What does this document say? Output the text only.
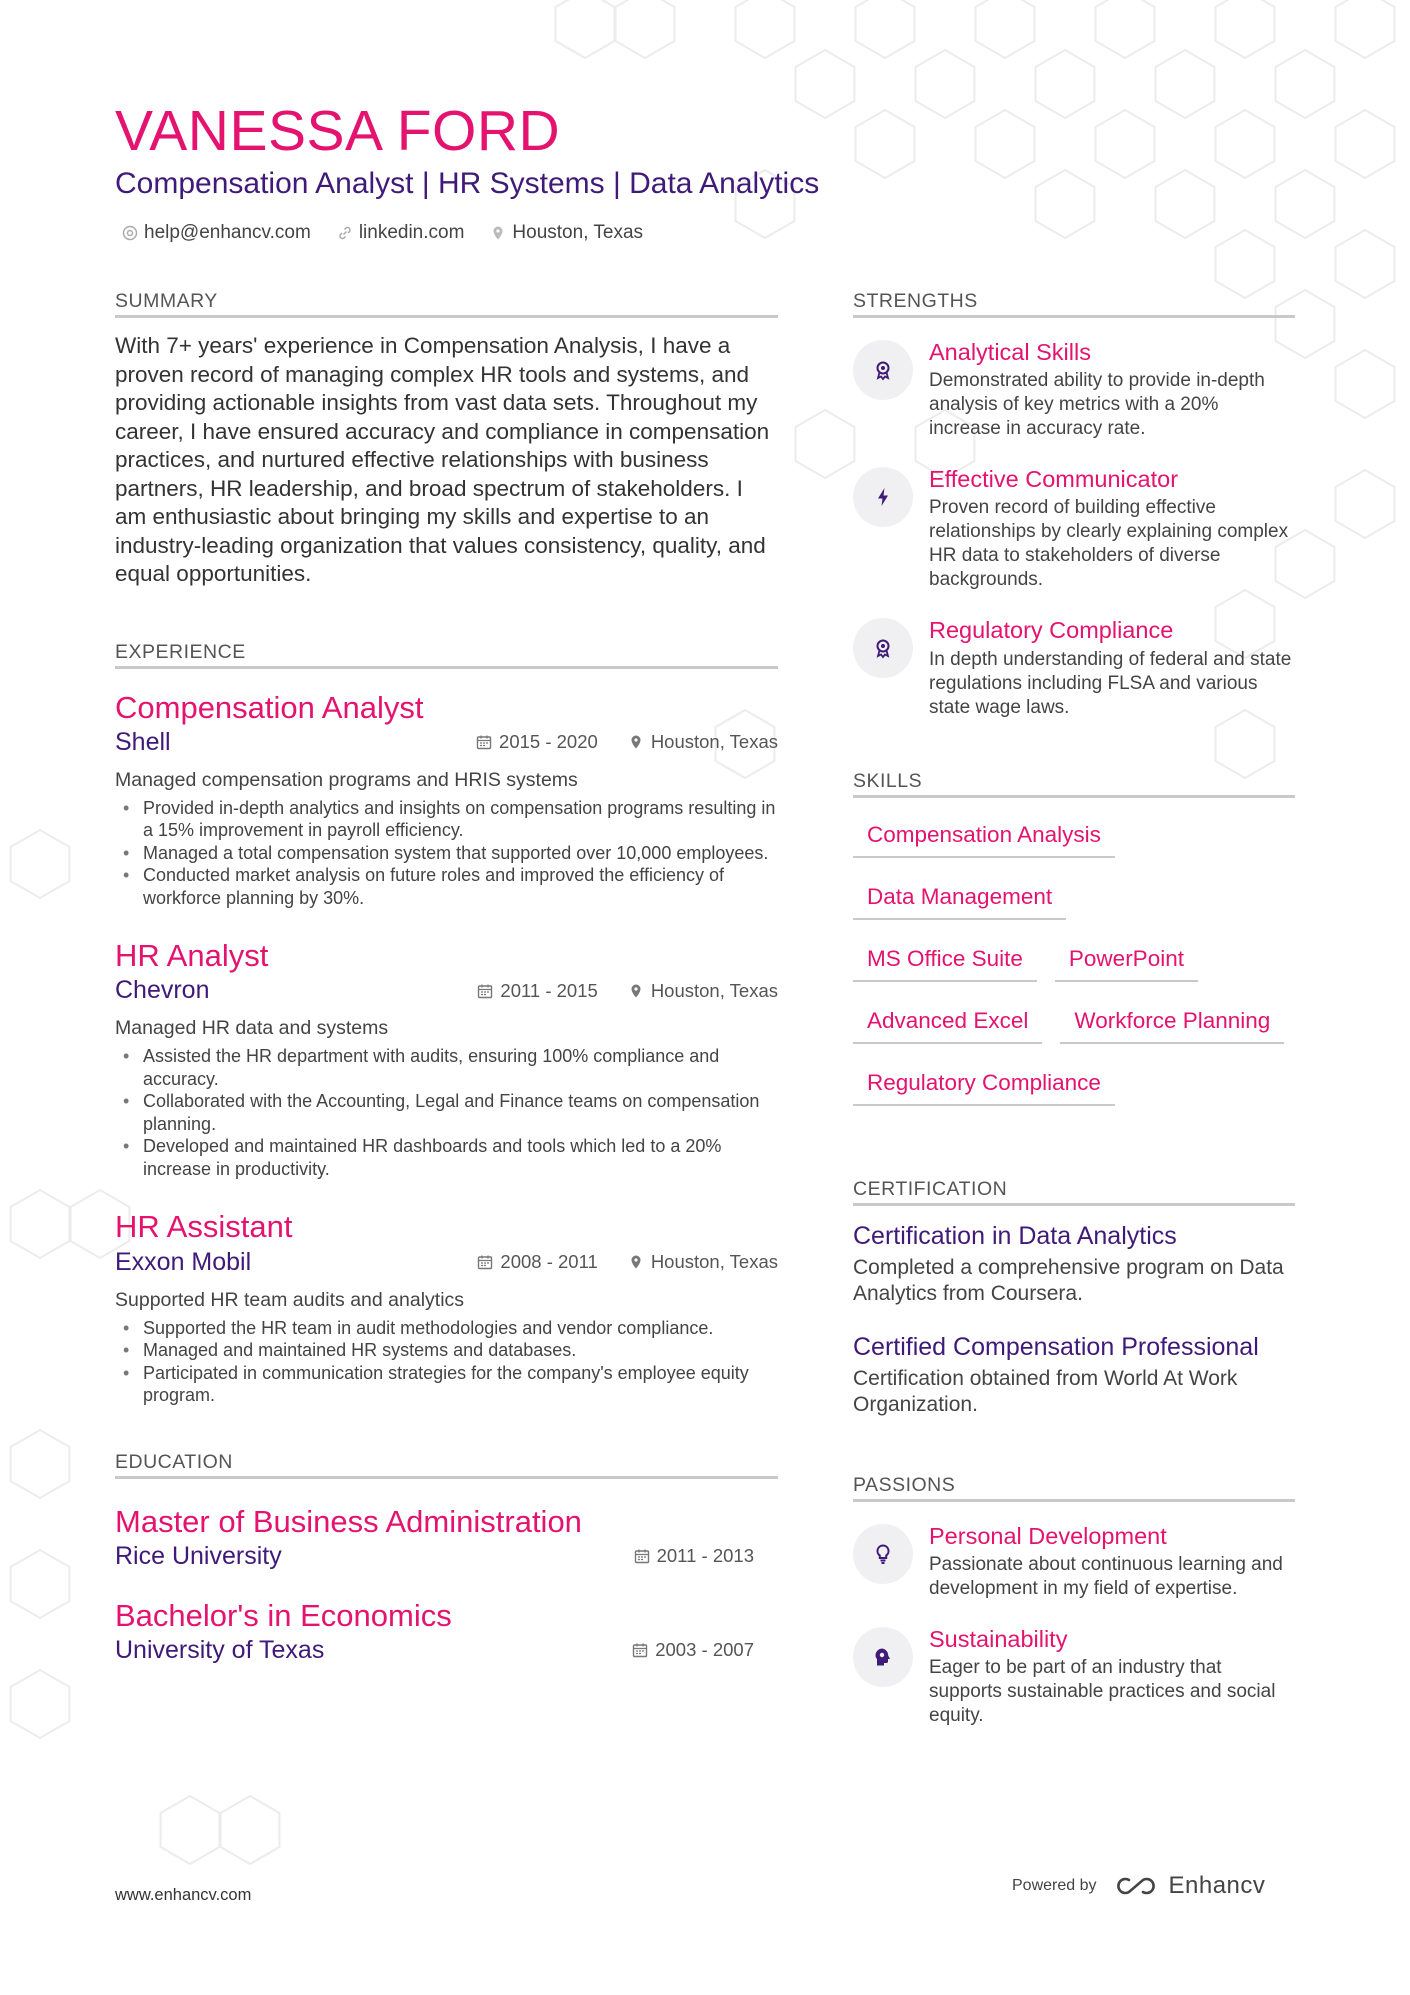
VANESSA FORD
Compensation Analyst | HR Systems | Data Analytics
help@enhancv.com	linkedin.com	Houston, Texas
SUMMARY

With 7+ years' experience in Compensation Analysis, I have a proven record of managing complex HR tools and systems, and providing actionable insights from vast data sets. Throughout my career, I have ensured accuracy and compliance in compensation practices, and nurtured effective relationships with business partners, HR leadership, and broad spectrum of stakeholders. I am enthusiastic about bringing my skills and expertise to an industry-leading organization that values consistency, quality, and equal opportunities.

EXPERIENCE
Compensation Analyst
Shell	2015 - 2020	Houston, Texas
Managed compensation programs and HRIS systems
• Provided in-depth analytics and insights on compensation programs resulting in a 15% improvement in payroll efficiency.
• Managed a total compensation system that supported over 10,000 employees.
• Conducted market analysis on future roles and improved the efficiency of workforce planning by 30%.
HR Analyst
Chevron	2011 - 2015	Houston, Texas
Managed HR data and systems
• Assisted the HR department with audits, ensuring 100% compliance and accuracy.
• Collaborated with the Accounting, Legal and Finance teams on compensation planning.
• Developed and maintained HR dashboards and tools which led to a 20% increase in productivity.
HR Assistant
Exxon Mobil	2008 - 2011	Houston, Texas
Supported HR team audits and analytics
• Supported the HR team in audit methodologies and vendor compliance.
• Managed and maintained HR systems and databases.
• Participated in communication strategies for the company's employee equity program.
EDUCATION
Master of Business Administration
Rice University	2011 - 2013
Bachelor's in Economics
University of Texas	2003 - 2007
STRENGTHS
Analytical Skills
Demonstrated ability to provide in-depth analysis of key metrics with a 20% increase in accuracy rate.
Effective Communicator
Proven record of building effective relationships by clearly explaining complex HR data to stakeholders of diverse backgrounds.
Regulatory Compliance
In depth understanding of federal and state regulations including FLSA and various state wage laws.
SKILLS
Compensation Analysis
Data Management
MS Office Suite	PowerPoint
Advanced Excel	Workforce Planning
Regulatory Compliance
CERTIFICATION
Certification in Data Analytics
Completed a comprehensive program on Data Analytics from Coursera.
Certified Compensation Professional
Certification obtained from World At Work Organization.
PASSIONS
Personal Development
Passionate about continuous learning and development in my field of expertise.
Sustainability
Eager to be part of an industry that supports sustainable practices and social equity.
www.enhancv.com
Powered by	Enhancv
